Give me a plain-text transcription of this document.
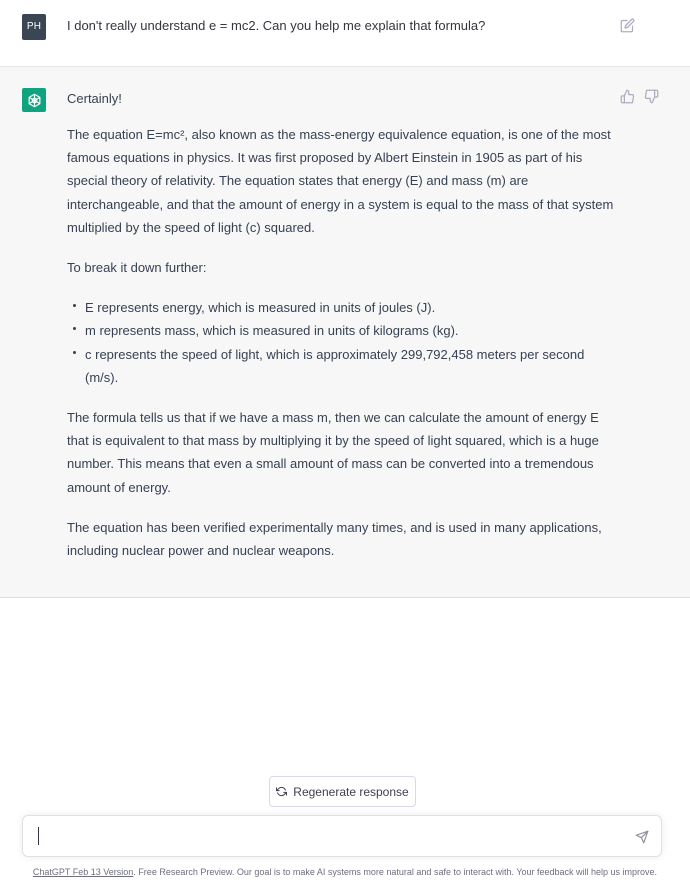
PH	I don't really understand e = mc2. Can you help me explain that formula?

Certainly!

The equation E=mc², also known as the mass-energy equivalence equation, is one of the most famous equations in physics. It was first proposed by Albert Einstein in 1905 as part of his special theory of relativity. The equation states that energy (E) and mass (m) are interchangeable, and that the amount of energy in a system is equal to the mass of that system multiplied by the speed of light (c) squared.

To break it down further:

E represents energy, which is measured in units of joules (J).
m represents mass, which is measured in units of kilograms (kg).
c represents the speed of light, which is approximately 299,792,458 meters per second (m/s).

The formula tells us that if we have a mass m, then we can calculate the amount of energy E that is equivalent to that mass by multiplying it by the speed of light squared, which is a huge number. This means that even a small amount of mass can be converted into a tremendous amount of energy.

The equation has been verified experimentally many times, and is used in many applications, including nuclear power and nuclear weapons.

Regenerate response
ChatGPT Feb 13 Version. Free Research Preview. Our goal is to make AI systems more natural and safe to interact with. Your feedback will help us improve.
